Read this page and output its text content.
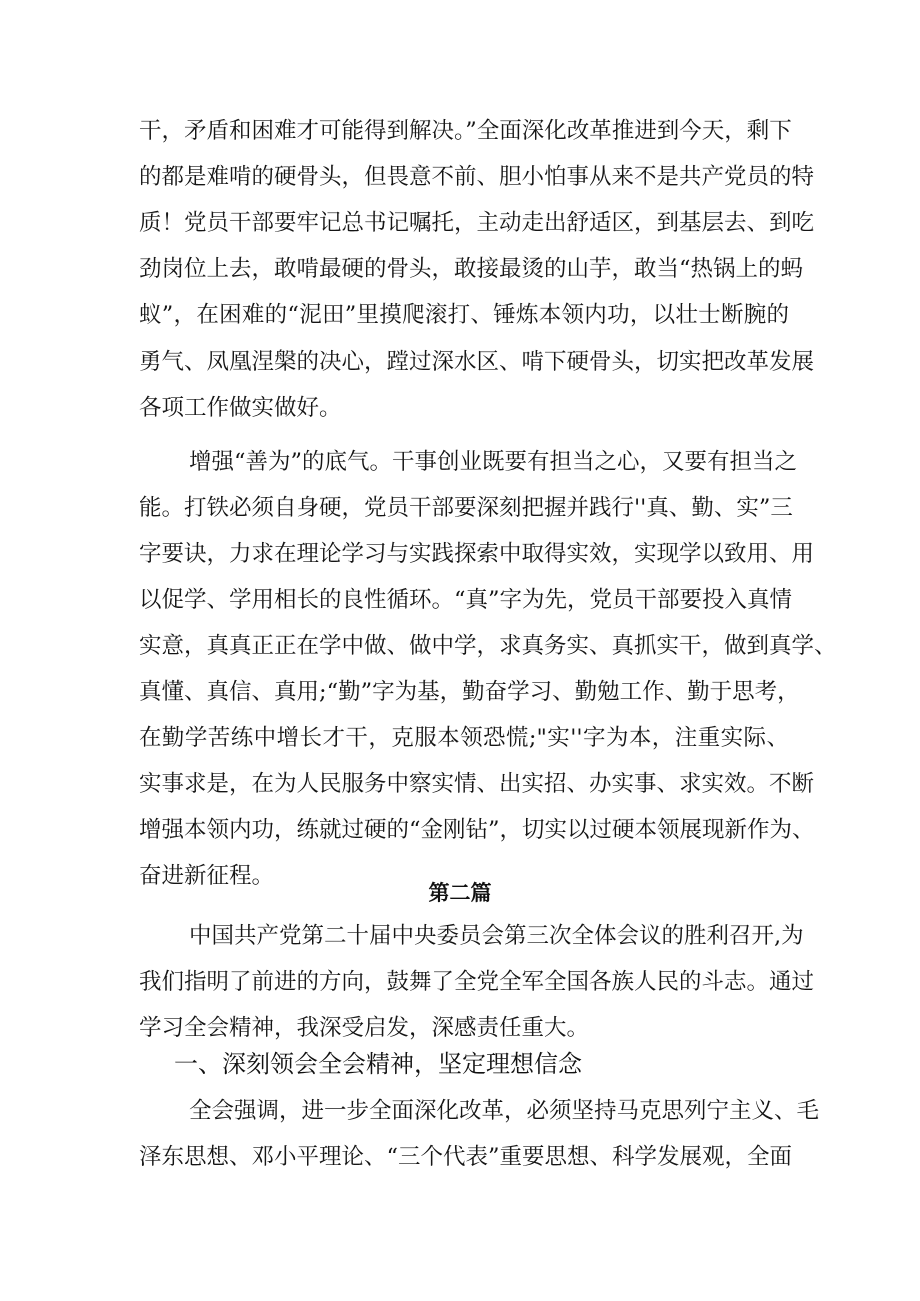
干，矛盾和困难才可能得到解决。”全面深化改革推进到今天，剩下
的都是难啃的硬骨头，但畏意不前、胆小怕事从来不是共产党员的特
质！党员干部要牢记总书记嘱托，主动走出舒适区，到基层去、到吃
劲岗位上去，敢啃最硬的骨头，敢接最烫的山芋，敢当“热锅上的蚂
蚁”，在困难的“泥田”里摸爬滚打、锤炼本领内功，以壮士断腕的
勇气、凤凰涅槃的决心，蹚过深水区、啃下硬骨头，切实把改革发展
各项工作做实做好。
增强“善为”的底气。干事创业既要有担当之心，又要有担当之
能。打铁必须自身硬，党员干部要深刻把握并践行''真、勤、实”三
字要诀，力求在理论学习与实践探索中取得实效，实现学以致用、用
以促学、学用相长的良性循环。“真”字为先，党员干部要投入真情
实意，真真正正在学中做、做中学，求真务实、真抓实干，做到真学、
真懂、真信、真用;“勤”字为基，勤奋学习、勤勉工作、勤于思考，
在勤学苦练中增长才干，克服本领恐慌;"实''字为本，注重实际、
实事求是，在为人民服务中察实情、出实招、办实事、求实效。不断
增强本领内功，练就过硬的“金刚钻”，切实以过硬本领展现新作为、
奋进新征程。
第二篇
中国共产党第二十届中央委员会第三次全体会议的胜利召开,为
我们指明了前进的方向，鼓舞了全党全军全国各族人民的斗志。通过
学习全会精神，我深受启发，深感责任重大。
一、深刻领会全会精神，坚定理想信念
全会强调，进一步全面深化改革，必须坚持马克思列宁主义、毛
泽东思想、邓小平理论、“三个代表”重要思想、科学发展观，全面
